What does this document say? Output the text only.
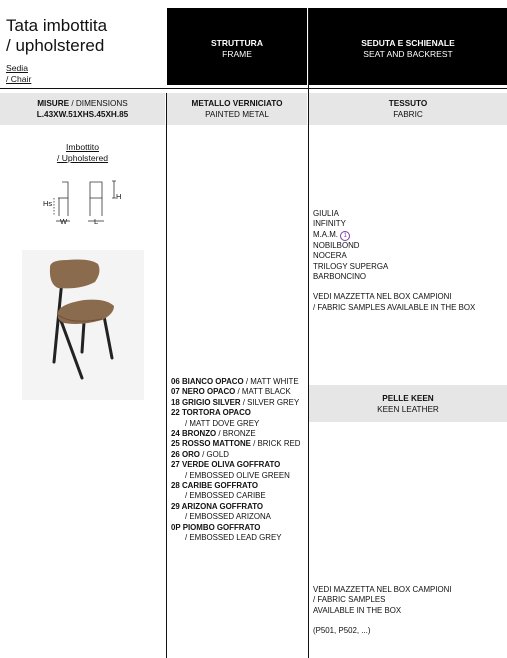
Tata imbottita
/ upholstered
Sedia
/ Chair
STRUTTURA
FRAME
SEDUTA E SCHIENALE
SEAT AND BACKREST
MISURE / DIMENSIONS
L.43XW.51XHS.45XH.85
METALLO VERNICIATO
PAINTED METAL
TESSUTO
FABRIC
Imbottito
/ Upholstered
Hs
H
W	L
06 BIANCO OPACO / MATT WHITE
07 NERO OPACO / MATT BLACK
18 GRIGIO SILVER / SILVER GREY
22 TORTORA OPACO
/ MATT DOVE GREY
24 BRONZO / BRONZE
25 ROSSO MATTONE / BRICK RED
26 ORO / GOLD
27 VERDE OLIVA GOFFRATO
/ EMBOSSED OLIVE GREEN
28 CARIBE GOFFRATO
/ EMBOSSED CARIBE
29 ARIZONA GOFFRATO
/ EMBOSSED ARIZONA
0P PIOMBO GOFFRATO
/ EMBOSSED LEAD GREY
GIULIA
INFINITY
M.A.M. 1
NOBILBOND
NOCERA
TRILOGY SUPERGA
BARBONCINO
VEDI MAZZETTA NEL BOX CAMPIONI
/ FABRIC SAMPLES AVAILABLE IN THE BOX
PELLE KEEN
KEEN LEATHER
VEDI MAZZETTA NEL BOX CAMPIONI
/ FABRIC SAMPLES
AVAILABLE IN THE BOX
(P501, P502, ...)
